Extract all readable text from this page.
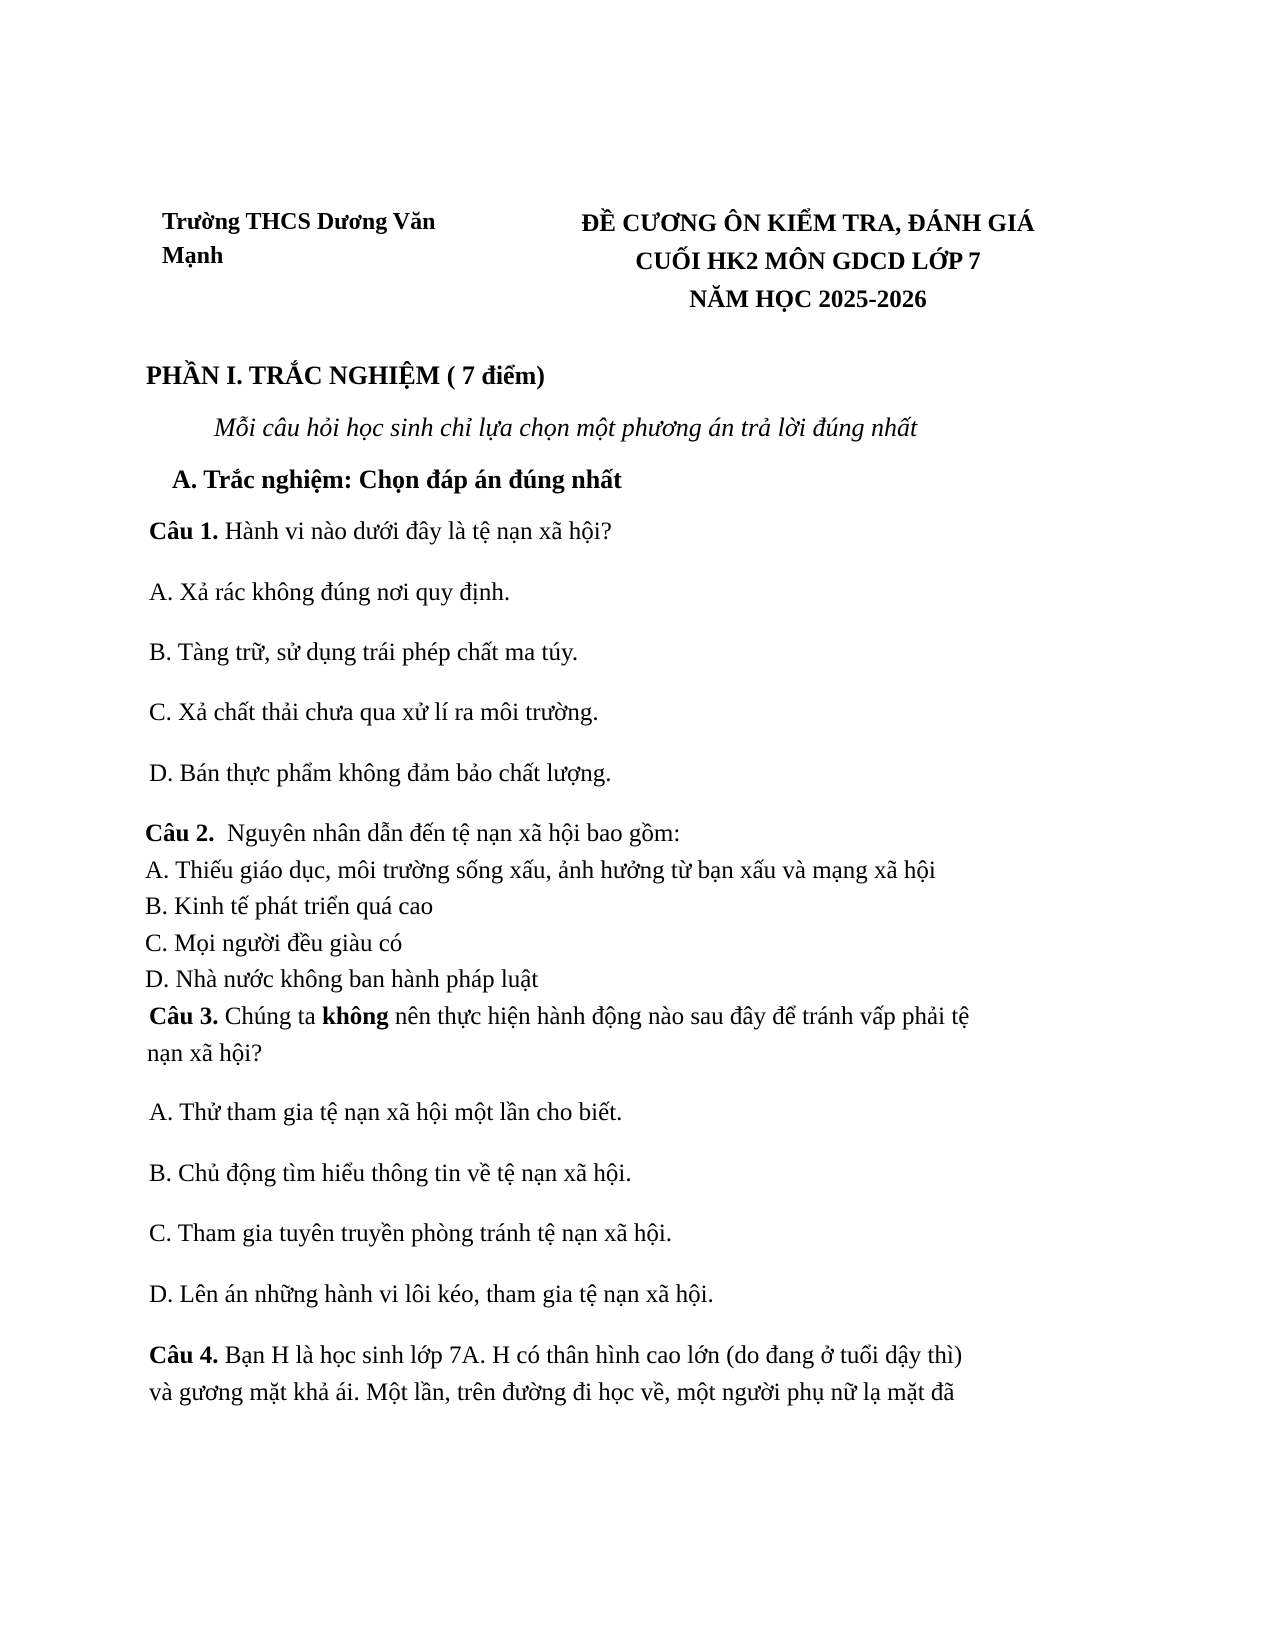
Trường THCS Dương Văn Mạnh
ĐỀ CƯƠNG ÔN KIỂM TRA, ĐÁNH GIÁ
CUỐI HK2 MÔN GDCD LỚP 7
NĂM HỌC 2025-2026
PHẦN I. TRẮC NGHIỆM ( 7 điểm)
Mỗi câu hỏi học sinh chỉ lựa chọn một phương án trả lời đúng nhất
A. Trắc nghiệm: Chọn đáp án đúng nhất
Câu 1. Hành vi nào dưới đây là tệ nạn xã hội?
A. Xả rác không đúng nơi quy định.
B. Tàng trữ, sử dụng trái phép chất ma túy.
C. Xả chất thải chưa qua xử lí ra môi trường.
D. Bán thực phẩm không đảm bảo chất lượng.
Câu 2. Nguyên nhân dẫn đến tệ nạn xã hội bao gồm:
A. Thiếu giáo dục, môi trường sống xấu, ảnh hưởng từ bạn xấu và mạng xã hội
B. Kinh tế phát triển quá cao
C. Mọi người đều giàu có
D. Nhà nước không ban hành pháp luật
Câu 3. Chúng ta không nên thực hiện hành động nào sau đây để tránh vấp phải tệ
nạn xã hội?
A. Thử tham gia tệ nạn xã hội một lần cho biết.
B. Chủ động tìm hiểu thông tin về tệ nạn xã hội.
C. Tham gia tuyên truyền phòng tránh tệ nạn xã hội.
D. Lên án những hành vi lôi kéo, tham gia tệ nạn xã hội.
Câu 4. Bạn H là học sinh lớp 7A. H có thân hình cao lớn (do đang ở tuổi dậy thì)
và gương mặt khả ái. Một lần, trên đường đi học về, một người phụ nữ lạ mặt đã
